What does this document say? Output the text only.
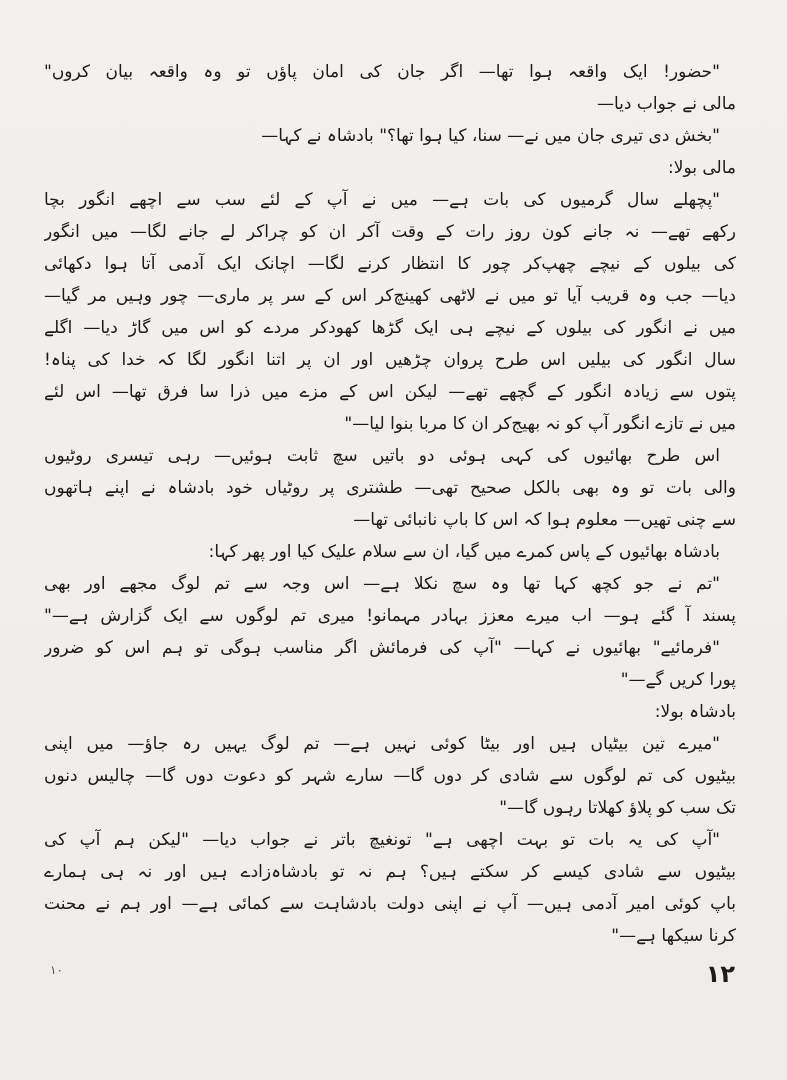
"حضور! ایک واقعہ ہوا تھا— اگر جان کی امان پاؤں تو وہ واقعہ بیان کروں"
مالی نے جواب دیا—
"بخش دی تیری جان میں نے— سنا، کیا ہوا تھا؟" بادشاہ نے کہا—
مالی بولا:
"پچھلے سال گرمیوں کی بات ہے— میں نے آپ کے لئے سب سے اچھے انگور بچا
رکھے تھے— نہ جانے کون روز رات کے وقت آکر ان کو چراکر لے جانے لگا— میں انگور
کی بیلوں کے نیچے چھپ‌کر چور کا انتظار کرنے لگا— اچانک ایک آدمی آتا ہوا دکھائی
دیا— جب وہ قریب آیا تو میں نے لاٹھی کھینچ‌کر اس کے سر پر ماری— چور وہیں مر گیا—
میں نے انگور کی بیلوں کے نیچے ہی ایک گڑھا کھودکر مردے کو اس میں گاڑ دیا— اگلے
سال انگور کی بیلیں اس طرح پروان چڑھیں اور ان پر اتنا انگور لگا کہ خدا کی پناہ!
پتوں سے زیادہ انگور کے گچھے تھے— لیکن اس کے مزے میں ذرا سا فرق تھا— اس لئے
میں نے تازے انگور آپ کو نہ بھیج‌کر ان کا مربا بنوا لیا—"
اس طرح بھائیوں کی کہی ہوئی دو باتیں سچ ثابت ہوئیں— رہی تیسری روٹیوں
والی بات تو وہ بھی بالکل صحیح تھی— طشتری پر روٹیاں خود بادشاہ نے اپنے ہاتھوں
سے چنی تھیں— معلوم ہوا کہ اس کا باپ نانبائی تھا—
بادشاہ بھائیوں کے پاس کمرے میں گیا، ان سے سلام علیک کیا اور پھر کہا:
"تم نے جو کچھ کہا تھا وہ سچ نکلا ہے— اس وجہ سے تم لوگ مجھے اور بھی
پسند آ گئے ہو— اب میرے معزز بہادر مہمانو! میری تم لوگوں سے ایک گزارش ہے—"
"فرمائیے" بھائیوں نے کہا— "آپ کی فرمائش اگر مناسب ہوگی تو ہم اس کو ضرور
پورا کریں گے—"
بادشاہ بولا:
"میرے تین بیٹیاں ہیں اور بیٹا کوئی نہیں ہے— تم لوگ یہیں رہ جاؤ— میں اپنی
بیٹیوں کی تم لوگوں سے شادی کر دوں گا— سارے شہر کو دعوت دوں گا— چالیس دنوں
تک سب کو پلاؤ کھلاتا رہوں گا—"
"آپ کی یہ بات تو بہت اچھی ہے" تونغیچ باتر نے جواب دیا— "لیکن ہم آپ کی
بیٹیوں سے شادی کیسے کر سکتے ہیں؟ ہم نہ تو بادشاہ‌زادے ہیں اور نہ ہی ہمارے
باپ کوئی امیر آدمی ہیں— آپ نے اپنی دولت بادشاہت سے کمائی ہے— اور ہم نے محنت
کرنا سیکھا ہے—"
۱۲
۱۰
